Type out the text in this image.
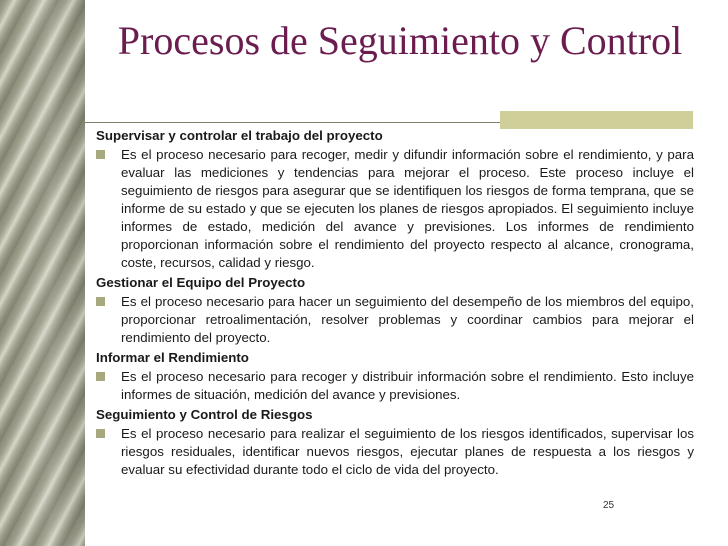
Procesos de Seguimiento y Control
Supervisar y controlar el trabajo del proyecto
Es el proceso necesario para recoger, medir y difundir información sobre el rendimiento, y para evaluar las mediciones y tendencias para mejorar el proceso. Este proceso incluye el seguimiento de riesgos para asegurar que se identifiquen los riesgos de forma temprana, que se informe de su estado y que se ejecuten los planes de riesgos apropiados. El seguimiento incluye informes de estado, medición del avance y previsiones. Los informes de rendimiento proporcionan información sobre el rendimiento del proyecto respecto al alcance, cronograma, coste, recursos, calidad y riesgo.
Gestionar el Equipo del Proyecto
Es el proceso necesario para hacer un seguimiento del desempeño de los miembros del equipo, proporcionar retroalimentación, resolver problemas y coordinar cambios para mejorar el rendimiento del proyecto.
Informar el Rendimiento
Es el proceso necesario para recoger y distribuir información sobre el rendimiento. Esto incluye informes de situación, medición del avance y previsiones.
Seguimiento y Control de Riesgos
Es el proceso necesario para realizar el seguimiento de los riesgos identificados, supervisar los riesgos residuales, identificar nuevos riesgos, ejecutar planes de respuesta a los riesgos y evaluar su efectividad durante todo el ciclo de vida del proyecto.
25
